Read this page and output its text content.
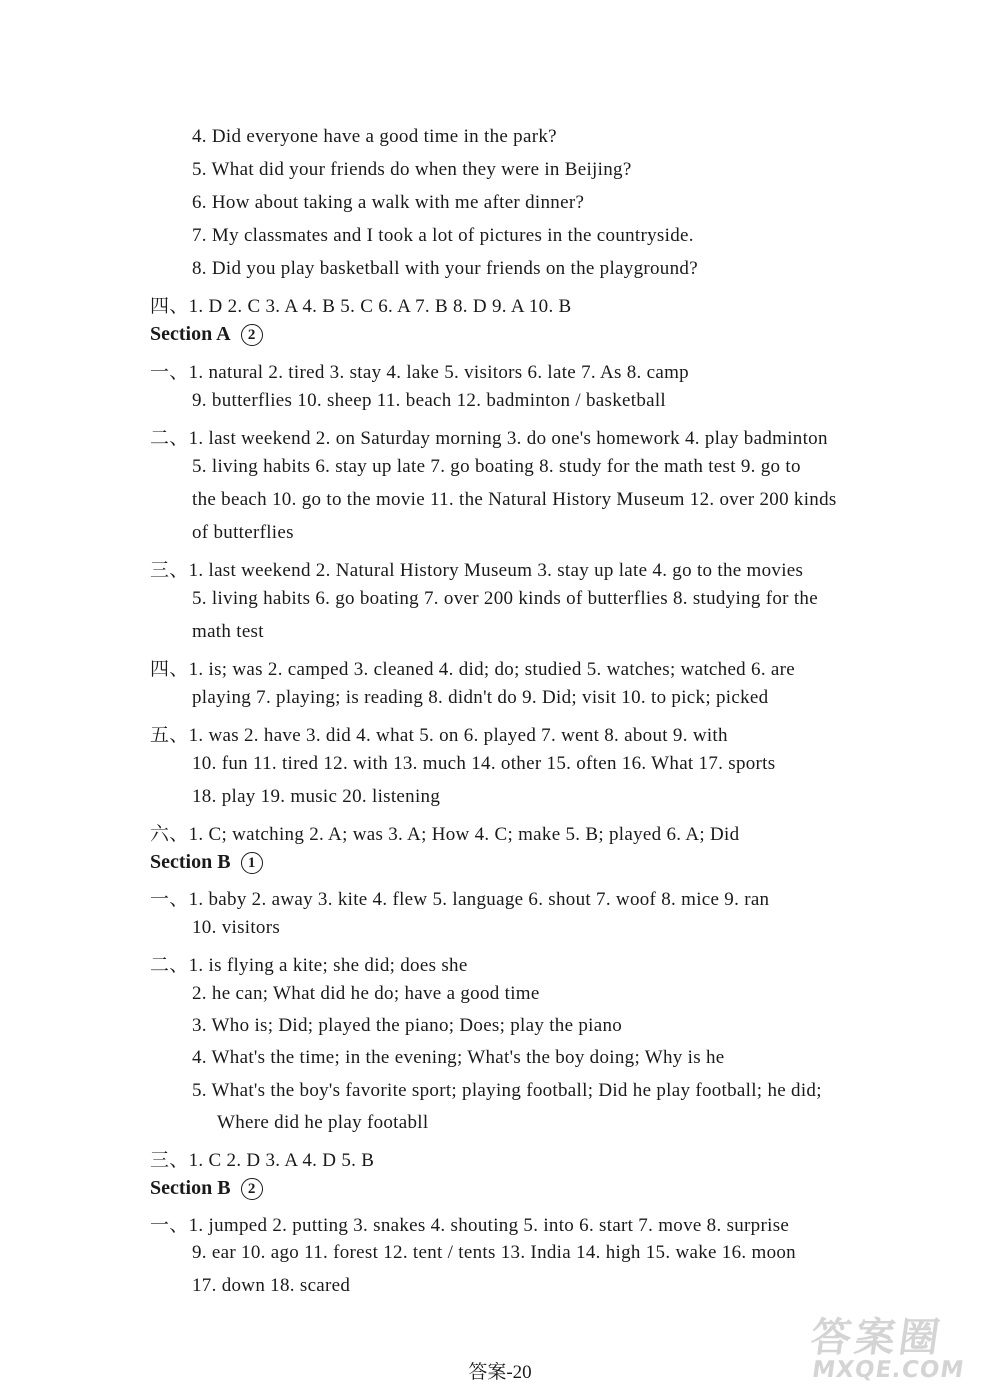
4. Did everyone have a good time in the park?
5. What did your friends do when they were in Beijing?
6. How about taking a walk with me after dinner?
7. My classmates and I took a lot of pictures in the countryside.
8. Did you play basketball with your friends on the playground?
四、1. D 2. C 3. A 4. B 5. C 6. A 7. B 8. D 9. A 10. B
Section A 2
一、1. natural 2. tired 3. stay 4. lake 5. visitors 6. late 7. As 8. camp
9. butterflies 10. sheep 11. beach 12. badminton / basketball
二、1. last weekend 2. on Saturday morning 3. do one's homework 4. play badminton
5. living habits 6. stay up late 7. go boating 8. study for the math test 9. go to
the beach 10. go to the movie 11. the Natural History Museum 12. over 200 kinds
of butterflies
三、1. last weekend 2. Natural History Museum 3. stay up late 4. go to the movies
5. living habits 6. go boating 7. over 200 kinds of butterflies 8. studying for the
math test
四、1. is; was 2. camped 3. cleaned 4. did; do; studied 5. watches; watched 6. are
playing 7. playing; is reading 8. didn't do 9. Did; visit 10. to pick; picked
五、1. was 2. have 3. did 4. what 5. on 6. played 7. went 8. about 9. with
10. fun 11. tired 12. with 13. much 14. other 15. often 16. What 17. sports
18. play 19. music 20. listening
六、1. C; watching 2. A; was 3. A; How 4. C; make 5. B; played 6. A; Did
Section B 1
一、1. baby 2. away 3. kite 4. flew 5. language 6. shout 7. woof 8. mice 9. ran
10. visitors
二、1. is flying a kite; she did; does she
2. he can; What did he do; have a good time
3. Who is; Did; played the piano; Does; play the piano
4. What's the time; in the evening; What's the boy doing; Why is he
5. What's the boy's favorite sport; playing football; Did he play football; he did;
Where did he play footabll
三、1. C 2. D 3. A 4. D 5. B
Section B 2
一、1. jumped 2. putting 3. snakes 4. shouting 5. into 6. start 7. move 8. surprise
9. ear 10. ago 11. forest 12. tent / tents 13. India 14. high 15. wake 16. moon
17. down 18. scared
答案-20
答案圈
MXQE.COM
